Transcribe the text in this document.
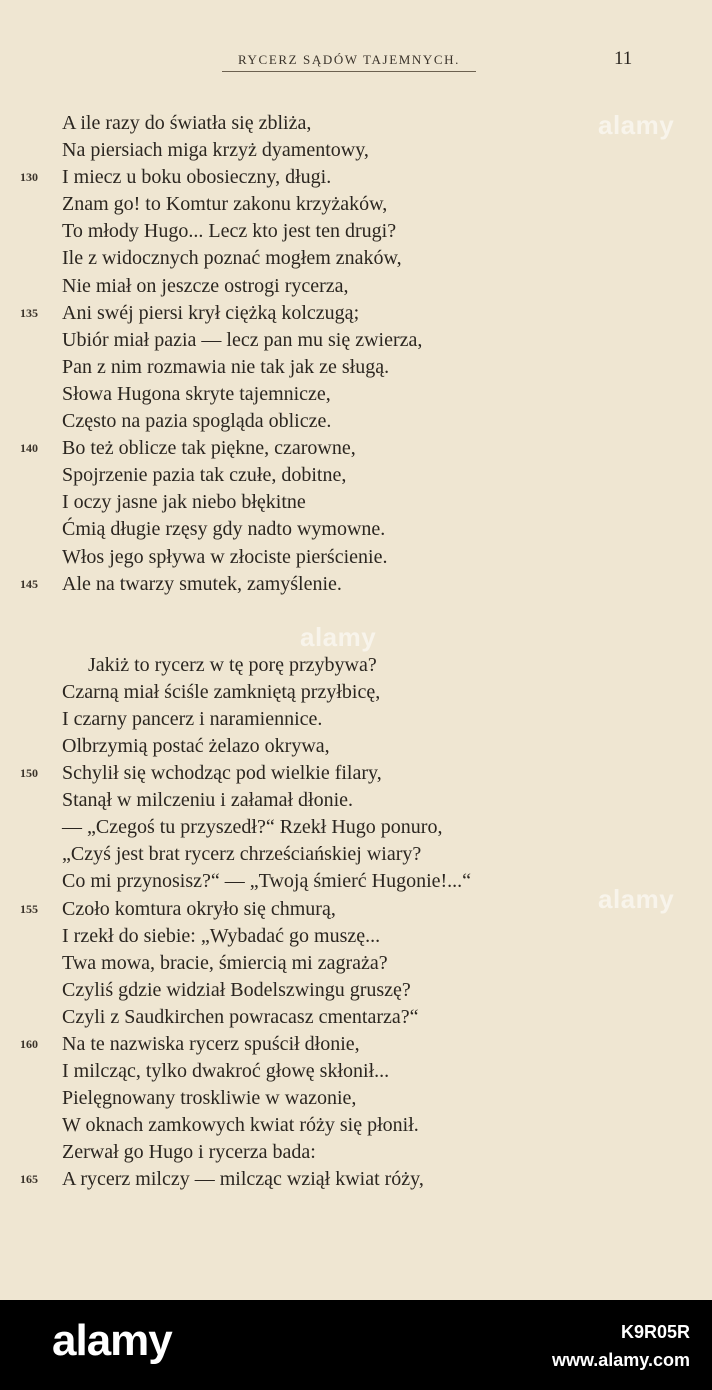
RYCERZ SĄDÓW TAJEMNYCH.	11
A ile razy do światła się zbliża,
Na piersiach miga krzyż dyamentowy,
130	I miecz u boku obosieczny, długi.
Znam go! to Komtur zakonu krzyżaków,
To młody Hugo... Lecz kto jest ten drugi?
Ile z widocznych poznać mogłem znaków,
Nie miał on jeszcze ostrogi rycerza,
135	Ani swéj piersi krył ciężką kolczugą;
Ubiór miał pazia — lecz pan mu się zwierza,
Pan z nim rozmawia nie tak jak ze sługą.
Słowa Hugona skryte tajemnicze,
Często na pazia spogląda oblicze.
140	Bo też oblicze tak piękne, czarowne,
Spojrzenie pazia tak czułe, dobitne,
I oczy jasne jak niebo błękitne
Ćmią długie rzęsy gdy nadto wymowne.
Włos jego spływa w złociste pierścienie.
145	Ale na twarzy smutek, zamyślenie.
Jakiż to rycerz w tę porę przybywa?
Czarną miał ściśle zamkniętą przyłbicę,
I czarny pancerz i naramiennice.
Olbrzymią postać żelazo okrywa,
150	Schylił się wchodząc pod wielkie filary,
Stanął w milczeniu i załamał dłonie.
— „Czegoś tu przyszedł?“ Rzekł Hugo ponuro,
„Czyś jest brat rycerz chrześciańskiej wiary?
Co mi przynosisz?“ — „Twoją śmierć Hugonie!...“
155	Czoło komtura okryło się chmurą,
I rzekł do siebie: „Wybadać go muszę...
Twa mowa, bracie, śmiercią mi zagraża?
Czyliś gdzie widział Bodelszwingu gruszę?
Czyli z Saudkirchen powracasz cmentarza?“
160	Na te nazwiska rycerz spuścił dłonie,
I milcząc, tylko dwakroć głowę skłonił...
Pielęgnowany troskliwie w wazonie,
W oknach zamkowych kwiat róży się płonił.
Zerwał go Hugo i rycerza bada:
165	A rycerz milczy — milcząc wziął kwiat róży,
alamy
alamy
alamy
alamy	K9R05R
www.alamy.com
